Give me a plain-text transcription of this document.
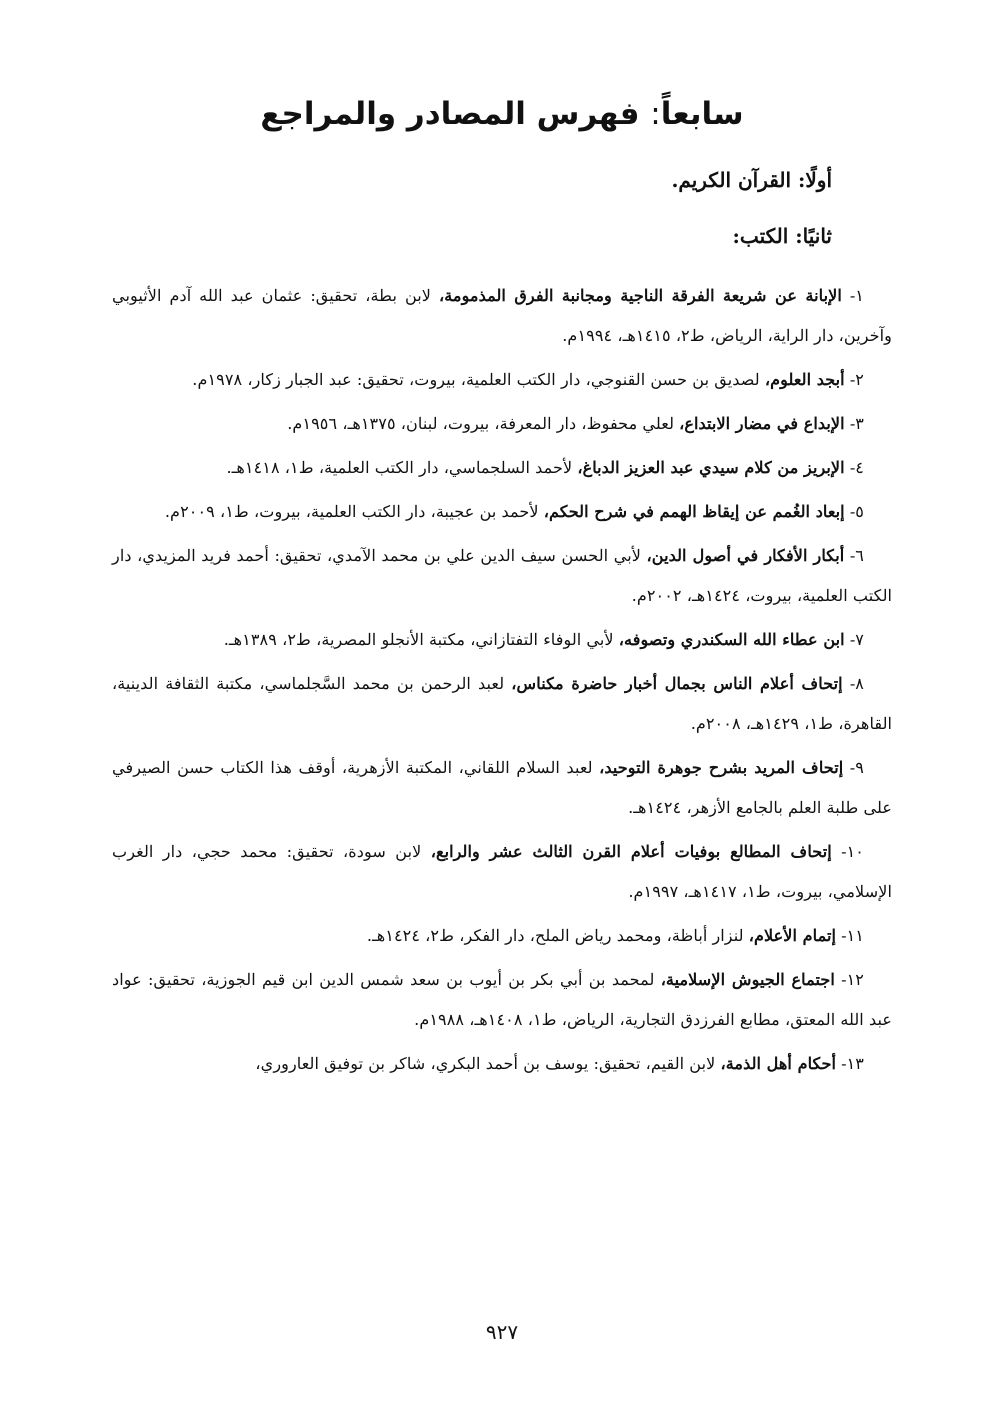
سابعاً: فهرس المصادر والمراجع
أولًا: القرآن الكريم.
ثانيًا: الكتب:

١- الإبانة عن شريعة الفرقة الناجية ومجانبة الفرق المذمومة، لابن بطة، تحقيق: عثمان عبد الله آدم الأثيوبي وآخرين، دار الراية، الرياض، ط٢، ١٤١٥هـ، ١٩٩٤م.

٢- أبجد العلوم، لصديق بن حسن القنوجي، دار الكتب العلمية، بيروت، تحقيق: عبد الجبار زكار، ١٩٧٨م.

٣- الإبداع في مضار الابتداع، لعلي محفوظ، دار المعرفة، بيروت، لبنان، ١٣٧٥هـ، ١٩٥٦م.

٤- الإبريز من كلام سيدي عبد العزيز الدباغ، لأحمد السلجماسي، دار الكتب العلمية، ط١، ١٤١٨هـ.

٥- إبعاد الغُمم عن إيقاظ الهمم في شرح الحكم، لأحمد بن عجيبة، دار الكتب العلمية، بيروت، ط١، ٢٠٠٩م.

٦- أبكار الأفكار في أصول الدين، لأبي الحسن سيف الدين علي بن محمد الآمدي، تحقيق: أحمد فريد المزيدي، دار الكتب العلمية، بيروت، ١٤٢٤هـ، ٢٠٠٢م.

٧- ابن عطاء الله السكندري وتصوفه، لأبي الوفاء التفتازاني، مكتبة الأنجلو المصرية، ط٢، ١٣٨٩هـ.

٨- إتحاف أعلام الناس بجمال أخبار حاضرة مكناس، لعبد الرحمن بن محمد السَّجلماسي، مكتبة الثقافة الدينية، القاهرة، ط١، ١٤٢٩هـ، ٢٠٠٨م.

٩- إتحاف المريد بشرح جوهرة التوحيد، لعبد السلام اللقاني، المكتبة الأزهرية، أوقف هذا الكتاب حسن الصيرفي على طلبة العلم بالجامع الأزهر، ١٤٢٤هـ.

١٠- إتحاف المطالع بوفيات أعلام القرن الثالث عشر والرابع، لابن سودة، تحقيق: محمد حجي، دار الغرب الإسلامي، بيروت، ط١، ١٤١٧هـ، ١٩٩٧م.

١١- إتمام الأعلام، لنزار أباظة، ومحمد رياض الملح، دار الفكر، ط٢، ١٤٢٤هـ.

١٢- اجتماع الجيوش الإسلامية، لمحمد بن أبي بكر بن أيوب بن سعد شمس الدين ابن قيم الجوزية، تحقيق: عواد عبد الله المعتق، مطابع الفرزدق التجارية، الرياض، ط١، ١٤٠٨هـ، ١٩٨٨م.

١٣- أحكام أهل الذمة، لابن القيم، تحقيق: يوسف بن أحمد البكري، شاكر بن توفيق العاروري،

٩٢٧
